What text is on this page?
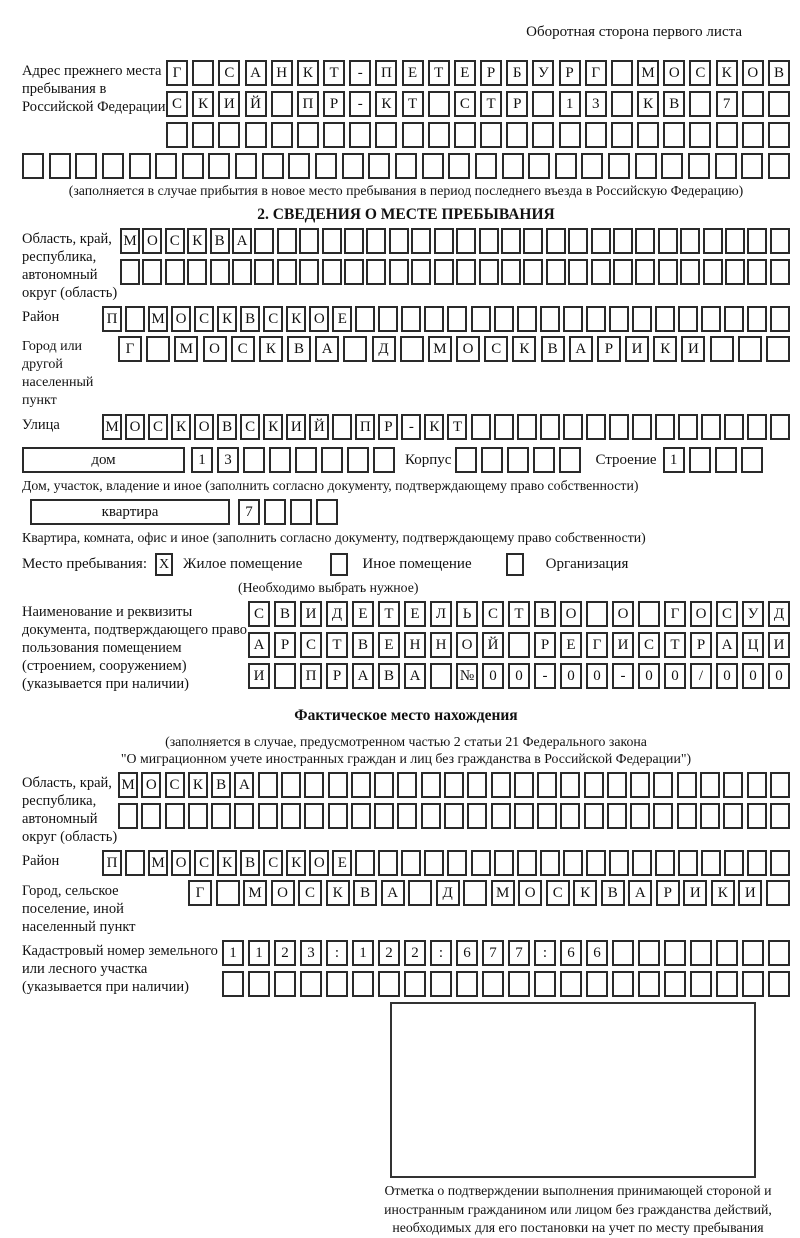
Оборотная сторона первого листа
Адрес прежнего места пребывания в Российской Федерации
Г	С	А	Н	К	Т	-	П	Е	Т	Е	Р	Б	У	Р	Г	М О	С	К	О	В
С	К	И	Й	П	Р	-	К	Т	С	Т	Р	1	3	К	В	7
(заполняется в случае прибытия в новое место пребывания в период последнего въезда в Российскую Федерацию)
2. СВЕДЕНИЯ О МЕСТЕ ПРЕБЫВАНИЯ
Область, край, республика, автономный округ (область)
М О С К В А
Район	П	М О С К В С К О Е
Город или другой населенный пункт
Г	М	О	С	К	В	А	Д	М	О	С	К	В	А	Р	И	К	И
Улица	М О С К О В С К И Й	П Р	-	К Т
дом	1	3	Корпус	Строение 1
Дом, участок, владение и иное (заполнить согласно документу, подтверждающему право собственности)
квартира	7
Квартира, комната, офис и иное (заполнить согласно документу, подтверждающему право собственности)
Место пребывания: X Жилое помещение	Иное помещение	Организация
(Необходимо выбрать нужное)
Наименование и реквизиты документа, подтверждающего право пользования помещением (строением, сооружением) (указывается при наличии)
С	В	И	Д	Е	Т	Е	Л	Ь	С	Т	В	О	О	Г	О	С	У	Д
А	Р	С	Т	В	Е	Н	Н	О	Й	Р	Е	Г	И	С	Т	Р	А	Ц	И
И	П	Р	А	В	А	№	0	0	-	0	0	-	0	0	/	0	0	0
Фактическое место нахождения
(заполняется в случае, предусмотренном частью 2 статьи 21 Федерального закона
"О миграционном учете иностранных граждан и лиц без гражданства в Российской Федерации")
Область, край, республика, автономный округ (область)
М О С К В А
Район	П	М О С К В С К О Е
Город, сельское поселение, иной населенный пункт
Г	М	О	С	К	В	А	Д	М	О	С	К	В	А	Р	И	К	И
Кадастровый номер земельного или лесного участка (указывается при наличии)
1	1	2	3	:	1	2	2	:	6	7	7	:	6	6
Отметка о подтверждении выполнения принимающей стороной и иностранным гражданином или лицом без гражданства действий, необходимых для его постановки на учет по месту пребывания
